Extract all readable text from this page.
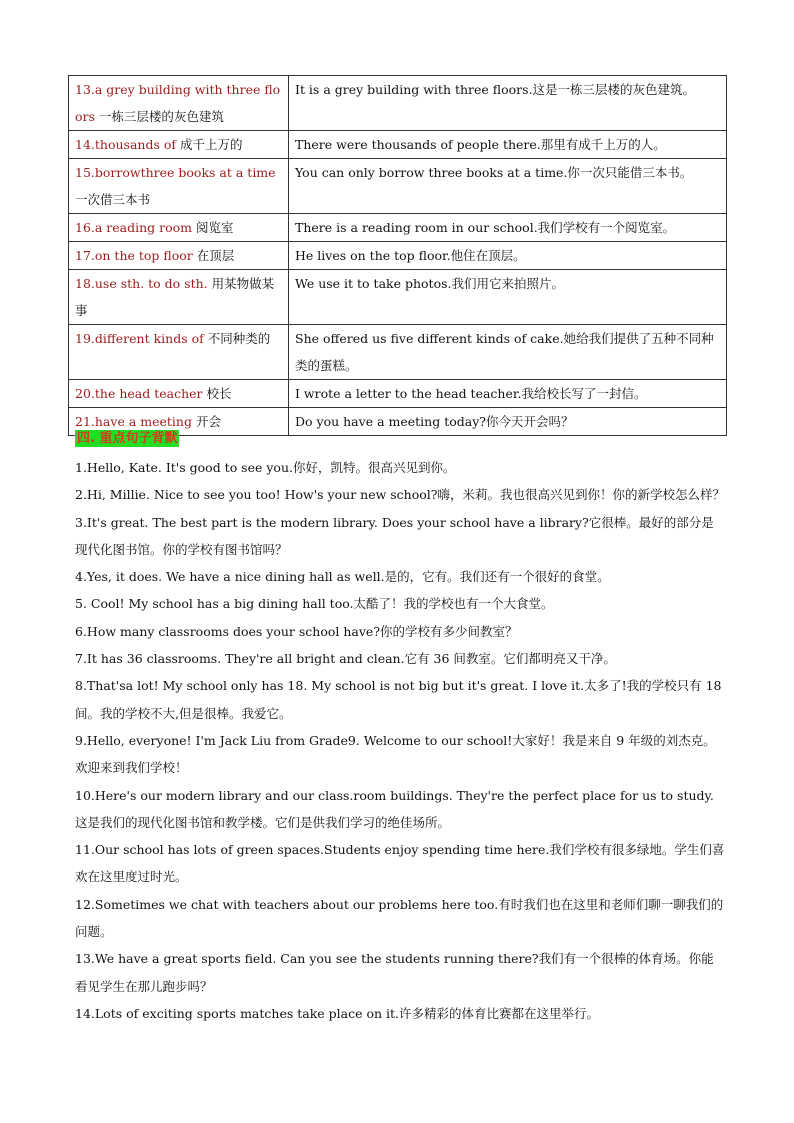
13.a grey building with three floors 一栋三层楼的灰色建筑	It is a grey building with three floors.这是一栋三层楼的灰色建筑。
14.thousands of 成千上万的	There were thousands of people there.那里有成千上万的人。
15.borrowthree books at a time 一次借三本书	You can only borrow three books at a time.你一次只能借三本书。
16.a reading room 阅览室	There is a reading room in our school.我们学校有一个阅览室。
17.on the top floor 在顶层	He lives on the top floor.他住在顶层。
18.use sth. to do sth. 用某物做某事	We use it to take photos.我们用它来拍照片。
19.different kinds of 不同种类的	She offered us five different kinds of cake.她给我们提供了五种不同种类的蛋糕。
20.the head teacher 校长	I wrote a letter to the head teacher.我给校长写了一封信。
21.have a meeting 开会	Do you have a meeting today?你今天开会吗？
四. 重点句子背默

1.Hello, Kate. It's good to see you.你好，凯特。很高兴见到你。

2.Hi, Millie. Nice to see you too! How's your new school?嗨，米莉。我也很高兴见到你！你的新学校怎么样？

3.It's great. The best part is the modern library. Does your school have a library?它很棒。最好的部分是现代化图书馆。你的学校有图书馆吗？

4.Yes, it does. We have a nice dining hall as well.是的，它有。我们还有一个很好的食堂。

5. Cool! My school has a big dining hall too.太酷了！我的学校也有一个大食堂。

6.How many classrooms does your school have?你的学校有多少间教室？

7.It has 36 classrooms. They're all bright and clean.它有 36 间教室。它们都明亮又干净。

8.That'sa lot! My school only has 18. My school is not big but it's great. I love it.太多了!我的学校只有 18间。我的学校不大,但是很棒。我爱它。

9.Hello, everyone! I'm Jack Liu from Grade9. Welcome to our school!大家好！我是来自 9 年级的刘杰克。欢迎来到我们学校！

10.Here's our modern library and our class.room buildings. They're the perfect place for us to study.这是我们的现代化图书馆和教学楼。它们是供我们学习的绝佳场所。

11.Our school has lots of green spaces.Students enjoy spending time here.我们学校有很多绿地。学生们喜欢在这里度过时光。

12.Sometimes we chat with teachers about our problems here too.有时我们也在这里和老师们聊一聊我们的问题。

13.We have a great sports field. Can you see the students running there?我们有一个很棒的体育场。你能看见学生在那儿跑步吗？

14.Lots of exciting sports matches take place on it.许多精彩的体育比赛都在这里举行。
